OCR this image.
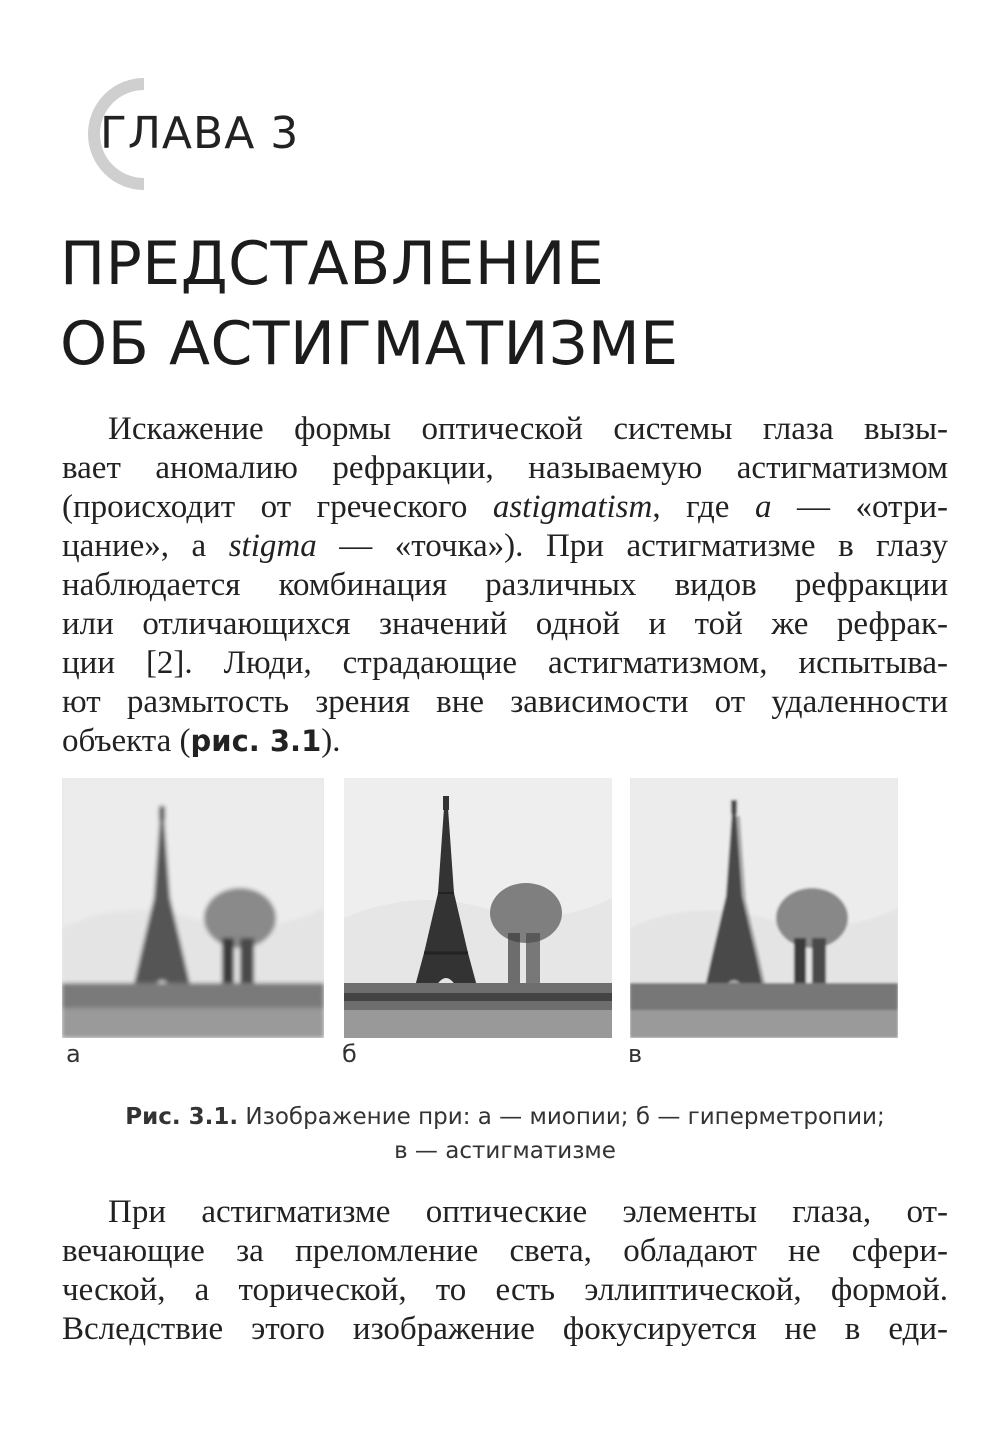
ГЛАВА 3
ПРЕДСТАВЛЕНИЕ
ОБ АСТИГМАТИЗМЕ

Искажение формы оптической системы глаза вызы-
вает аномалию рефракции, называемую астигматизмом
(происходит от греческого astigmatism, где a — «отри-
цание», а stigma — «точка»). При астигматизме в глазу
наблюдается комбинация различных видов рефракции
или отличающихся значений одной и той же рефрак-
ции [2]. Люди, страдающие астигматизмом, испытыва-
ют размытость зрения вне зависимости от удаленности
объекта (рис. 3.1).

а	б	в
Рис. 3.1. Изображение при: а — миопии; б — гиперметропии;
в — астигматизме

При астигматизме оптические элементы глаза, от-
вечающие за преломление света, обладают не сфери-
ческой, а торической, то есть эллиптической, формой.
Вследствие этого изображение фокусируется не в еди-
